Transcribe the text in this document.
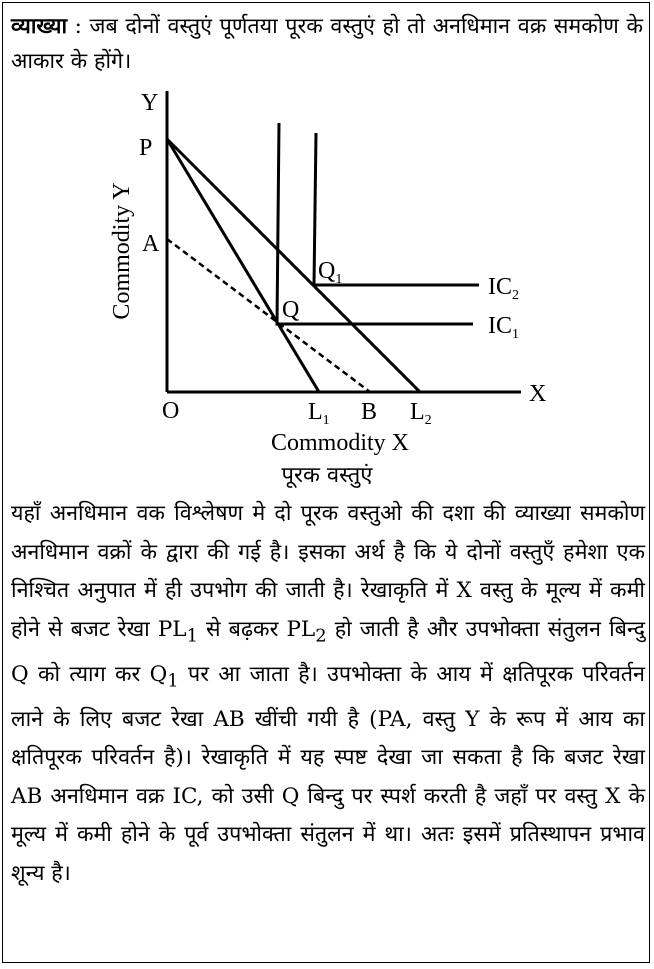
व्याख्या : जब दोनों वस्तुएं पूर्णतया पूरक वस्तुएं हो तो अनधिमान वक्र समकोण के आकार के होंगे।
Y
X
Commodity Y
Commodity X
P
A
Q
$Q_1$
O	$L_1$ B $L_2$
$IC_2$
$IC_1$
पूरक वस्तुएं
यहाँ अनधिमान वक विश्लेषण मे दो पूरक वस्तुओ की दशा की व्याख्या समकोण अनधिमान वक्रों के द्वारा की गई है। इसका अर्थ है कि ये दोनों वस्तुएँ हमेशा एक निश्चित अनुपात में ही उपभोग की जाती है। रेखाकृति में X वस्तु के मूल्य में कमी होने से बजट रेखा $PL_1$ से बढ़कर $PL_2$ हो जाती है और उपभोक्ता संतुलन बिन्दु Q को त्याग कर $Q_1$ पर आ जाता है। उपभोक्ता के आय में क्षतिपूरक परिवर्तन लाने के लिए बजट रेखा AB खींची गयी है (PA, वस्तु Y के रूप में आय का क्षतिपूरक परिवर्तन है)। रेखाकृति में यह स्पष्ट देखा जा सकता है कि बजट रेखा AB अनधिमान वक्र IC, को उसी Q बिन्दु पर स्पर्श करती है जहाँ पर वस्तु X के मूल्य में कमी होने के पूर्व उपभोक्ता संतुलन में था। अतः इसमें प्रतिस्थापन प्रभाव शून्य है।
